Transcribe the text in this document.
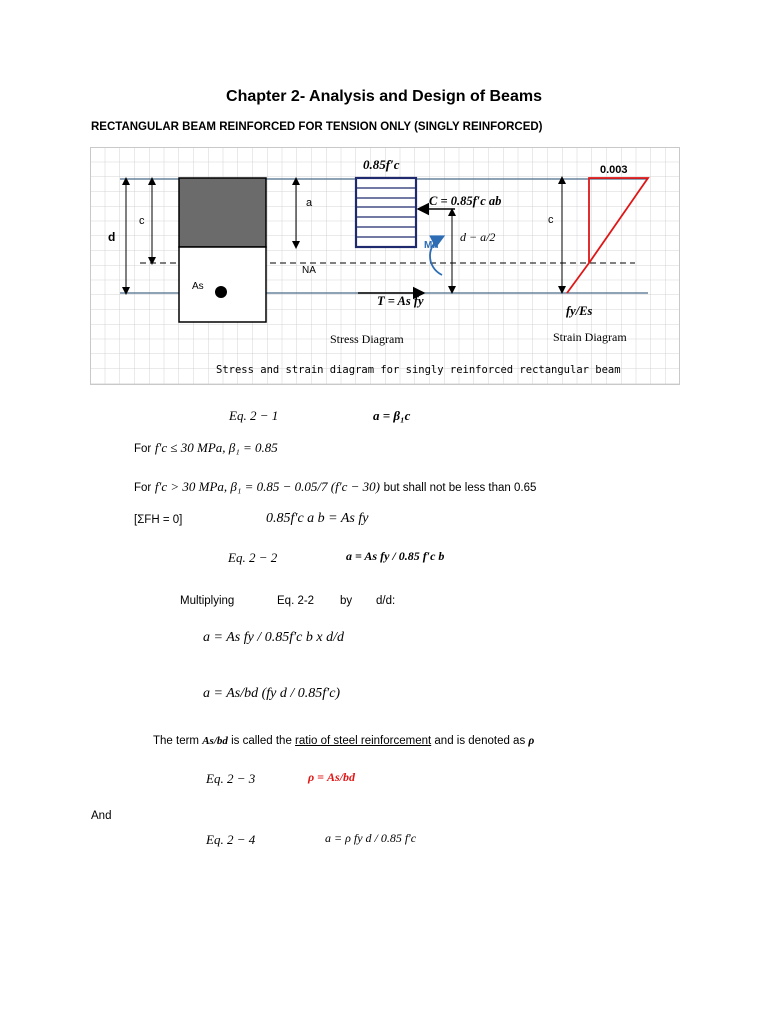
Chapter 2- Analysis and Design of Beams
RECTANGULAR BEAM REINFORCED FOR TENSION ONLY (SINGLY REINFORCED)
d
c
As
NA
a
0.85f′c
C = 0.85f′c ab
d − a/2
Mn
T = As fy
c
0.003
fy/Es
Stress Diagram	Strain Diagram
Stress and strain diagram for singly reinforced rectangular beam
Eq. 2 − 1	a = β₁c
For f′c ≤ 30 MPa, β₁ = 0.85
For f′c > 30 MPa, β₁ = 0.85 − 0.05/7 (f′c − 30) but shall not be less than 0.65
[ΣFH = 0]	0.85f′c a b = As fy
Eq. 2 − 2	a = As fy / 0.85 f′c b
Multiplying	Eq. 2-2 by d/d:
a = As fy / 0.85f′c b x d/d
a = As/bd (fy d / 0.85f′c)
The term As/bd is called the ratio of steel reinforcement and is denoted as ρ
Eq. 2 − 3	ρ = As/bd
And
Eq. 2 − 4	a = ρ fy d / 0.85 f′c
